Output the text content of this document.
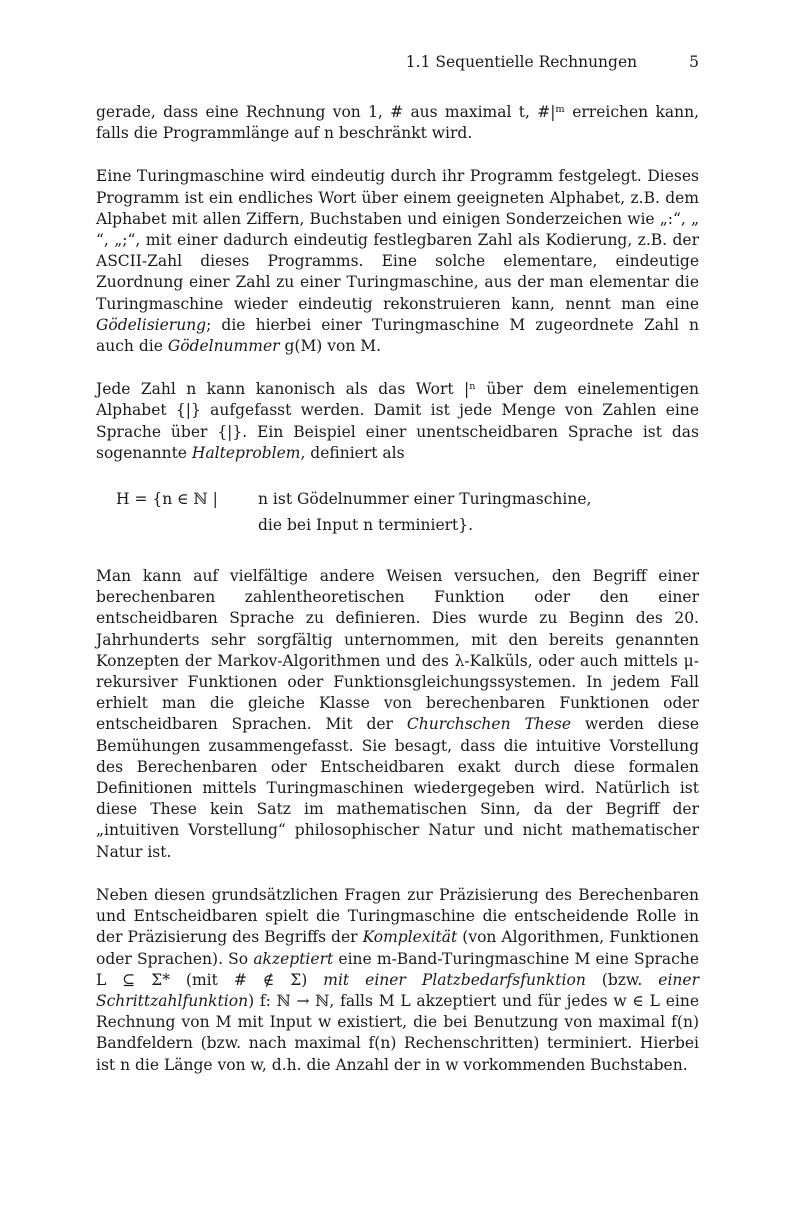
1.1 Sequentielle Rechnungen	5

gerade, dass eine Rechnung von 1, # aus maximal t, #|ᵐ erreichen kann, falls die Programmlänge auf n beschränkt wird.

Eine Turingmaschine wird eindeutig durch ihr Programm festgelegt. Dieses Programm ist ein endliches Wort über einem geeigneten Alphabet, z.B. dem Alphabet mit allen Ziffern, Buchstaben und einigen Sonderzeichen wie „:“, „ “, „;“, mit einer dadurch eindeutig festlegbaren Zahl als Kodierung, z.B. der ASCII-Zahl dieses Programms. Eine solche elementare, eindeutige Zuordnung einer Zahl zu einer Turingmaschine, aus der man elementar die Turingmaschine wieder eindeutig rekonstruieren kann, nennt man eine Gödelisierung; die hierbei einer Turingmaschine M zugeordnete Zahl n auch die Gödelnummer g(M) von M.

Jede Zahl n kann kanonisch als das Wort |ⁿ über dem einelementigen Alphabet {|} aufgefasst werden. Damit ist jede Menge von Zahlen eine Sprache über {|}. Ein Beispiel einer unentscheidbaren Sprache ist das sogenannte Halteproblem, definiert als

H = {n ∈ ℕ |	n ist Gödelnummer einer Turingmaschine,
die bei Input n terminiert}.

Man kann auf vielfältige andere Weisen versuchen, den Begriff einer berechenbaren zahlentheoretischen Funktion oder den einer entscheidbaren Sprache zu definieren. Dies wurde zu Beginn des 20. Jahrhunderts sehr sorgfältig unternommen, mit den bereits genannten Konzepten der Markov-Algorithmen und des λ-Kalküls, oder auch mittels μ-rekursiver Funktionen oder Funktionsgleichungssystemen. In jedem Fall erhielt man die gleiche Klasse von berechenbaren Funktionen oder entscheidbaren Sprachen. Mit der Churchschen These werden diese Bemühungen zusammengefasst. Sie besagt, dass die intuitive Vorstellung des Berechenbaren oder Entscheidbaren exakt durch diese formalen Definitionen mittels Turingmaschinen wiedergegeben wird. Natürlich ist diese These kein Satz im mathematischen Sinn, da der Begriff der „intuitiven Vorstellung“ philosophischer Natur und nicht mathematischer Natur ist.

Neben diesen grundsätzlichen Fragen zur Präzisierung des Berechenbaren und Entscheidbaren spielt die Turingmaschine die entscheidende Rolle in der Präzisierung des Begriffs der Komplexität (von Algorithmen, Funktionen oder Sprachen). So akzeptiert eine m-Band-Turingmaschine M eine Sprache L ⊆ Σ* (mit # ∉ Σ) mit einer Platzbedarfsfunktion (bzw. einer Schrittzahlfunktion) f: ℕ → ℕ, falls M L akzeptiert und für jedes w ∈ L eine Rechnung von M mit Input w existiert, die bei Benutzung von maximal f(n) Bandfeldern (bzw. nach maximal f(n) Rechenschritten) terminiert. Hierbei ist n die Länge von w, d.h. die Anzahl der in w vorkommenden Buchstaben.
